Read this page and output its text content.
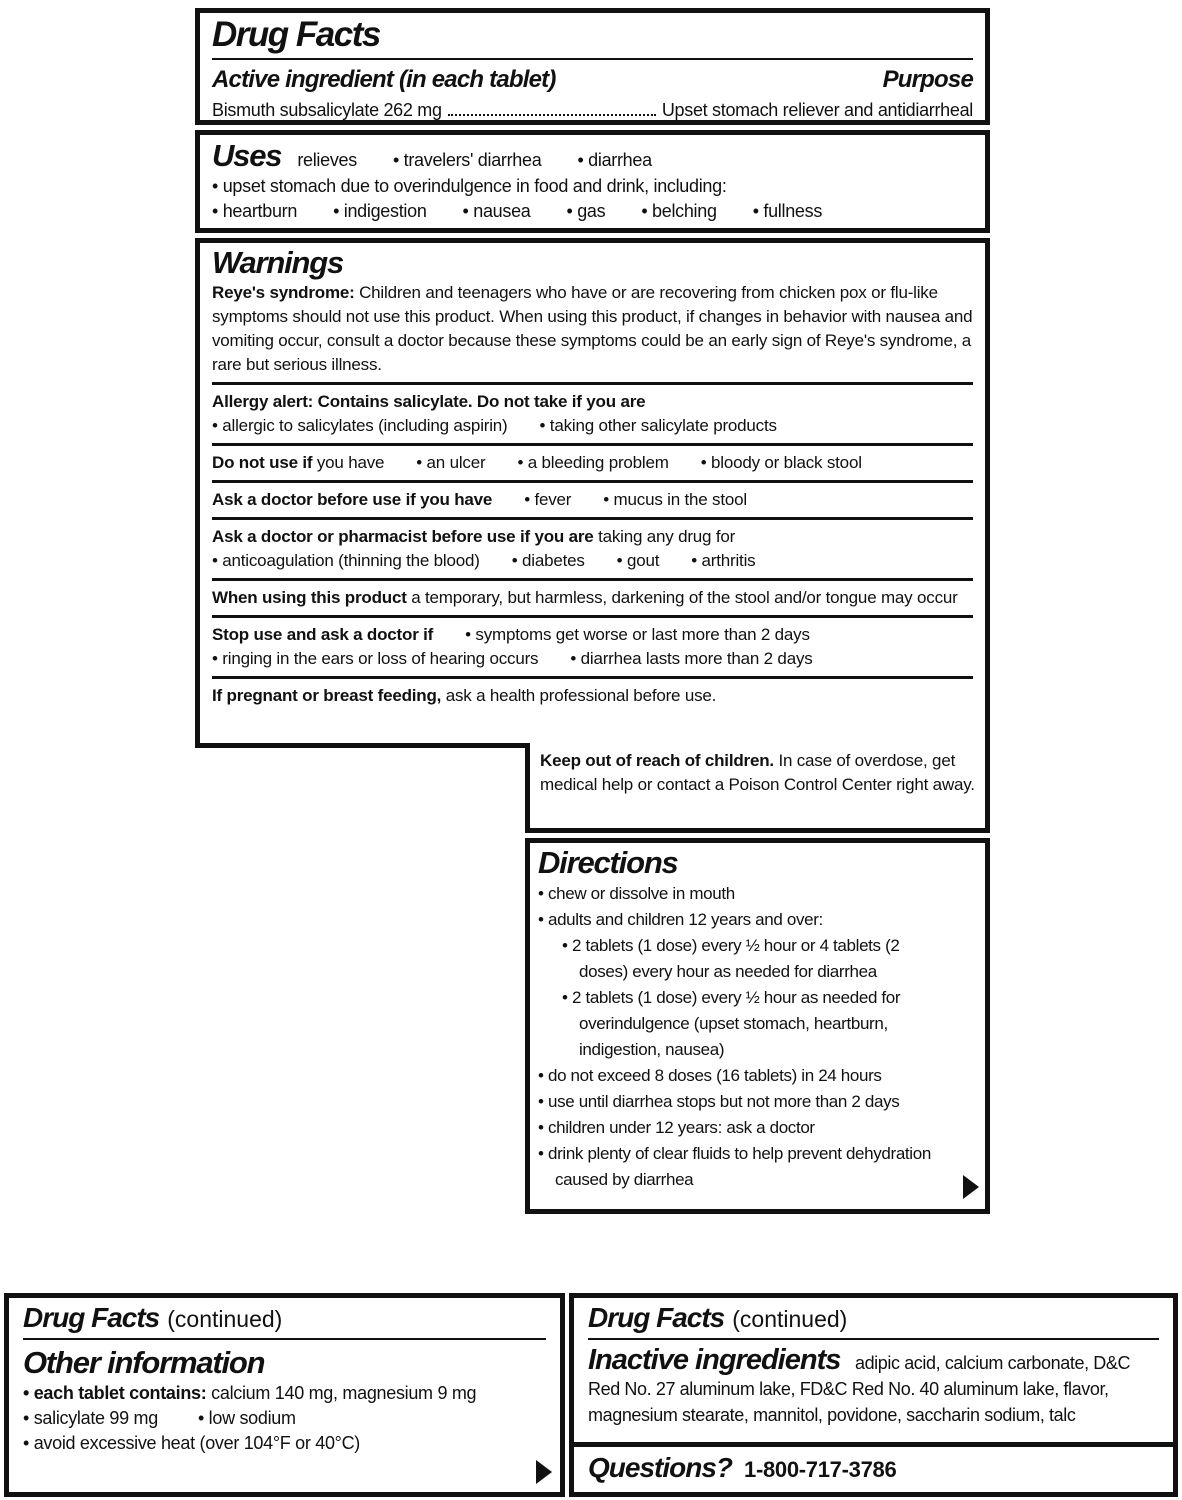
Drug Facts
Active ingredient (in each tablet)	Purpose
Bismuth subsalicylate 262 mg	Upset stomach reliever and antidiarrheal
Uses relieves • travelers' diarrhea • diarrhea
• upset stomach due to overindulgence in food and drink, including:
• heartburn • indigestion • nausea • gas • belching • fullness
Warnings

Reye's syndrome: Children and teenagers who have or are recovering from chicken pox or flu-like symptoms should not use this product. When using this product, if changes in behavior with nausea and vomiting occur, consult a doctor because these symptoms could be an early sign of Reye's syndrome, a rare but serious illness.

Allergy alert: Contains salicylate. Do not take if you are
• allergic to salicylates (including aspirin) • taking other salicylate products
Do not use if you have • an ulcer • a bleeding problem • bloody or black stool
Ask a doctor before use if you have • fever • mucus in the stool
Ask a doctor or pharmacist before use if you are taking any drug for
• anticoagulation (thinning the blood) • diabetes • gout • arthritis

When using this product a temporary, but harmless, darkening of the stool and/or tongue may occur

Stop use and ask a doctor if • symptoms get worse or last more than 2 days
• ringing in the ears or loss of hearing occurs • diarrhea lasts more than 2 days

If pregnant or breast feeding, ask a health professional before use.

Keep out of reach of children. In case of overdose, get medical help or contact a Poison Control Center right away.

Directions
• chew or dissolve in mouth
• adults and children 12 years and over:
• 2 tablets (1 dose) every ½ hour or 4 tablets (2 doses) every hour as needed for diarrhea
• 2 tablets (1 dose) every ½ hour as needed for overindulgence (upset stomach, heartburn, indigestion, nausea)
• do not exceed 8 doses (16 tablets) in 24 hours
• use until diarrhea stops but not more than 2 days
• children under 12 years: ask a doctor
• drink plenty of clear fluids to help prevent dehydration caused by diarrhea
Drug Facts (continued)
Other information
• each tablet contains: calcium 140 mg, magnesium 9 mg
• salicylate 99 mg • low sodium
• avoid excessive heat (over 104°F or 40°C)
Drug Facts (continued)

Inactive ingredients adipic acid, calcium carbonate, D&C Red No. 27 aluminum lake, FD&C Red No. 40 aluminum lake, flavor, magnesium stearate, mannitol, povidone, saccharin sodium, talc

Questions? 1-800-717-3786
